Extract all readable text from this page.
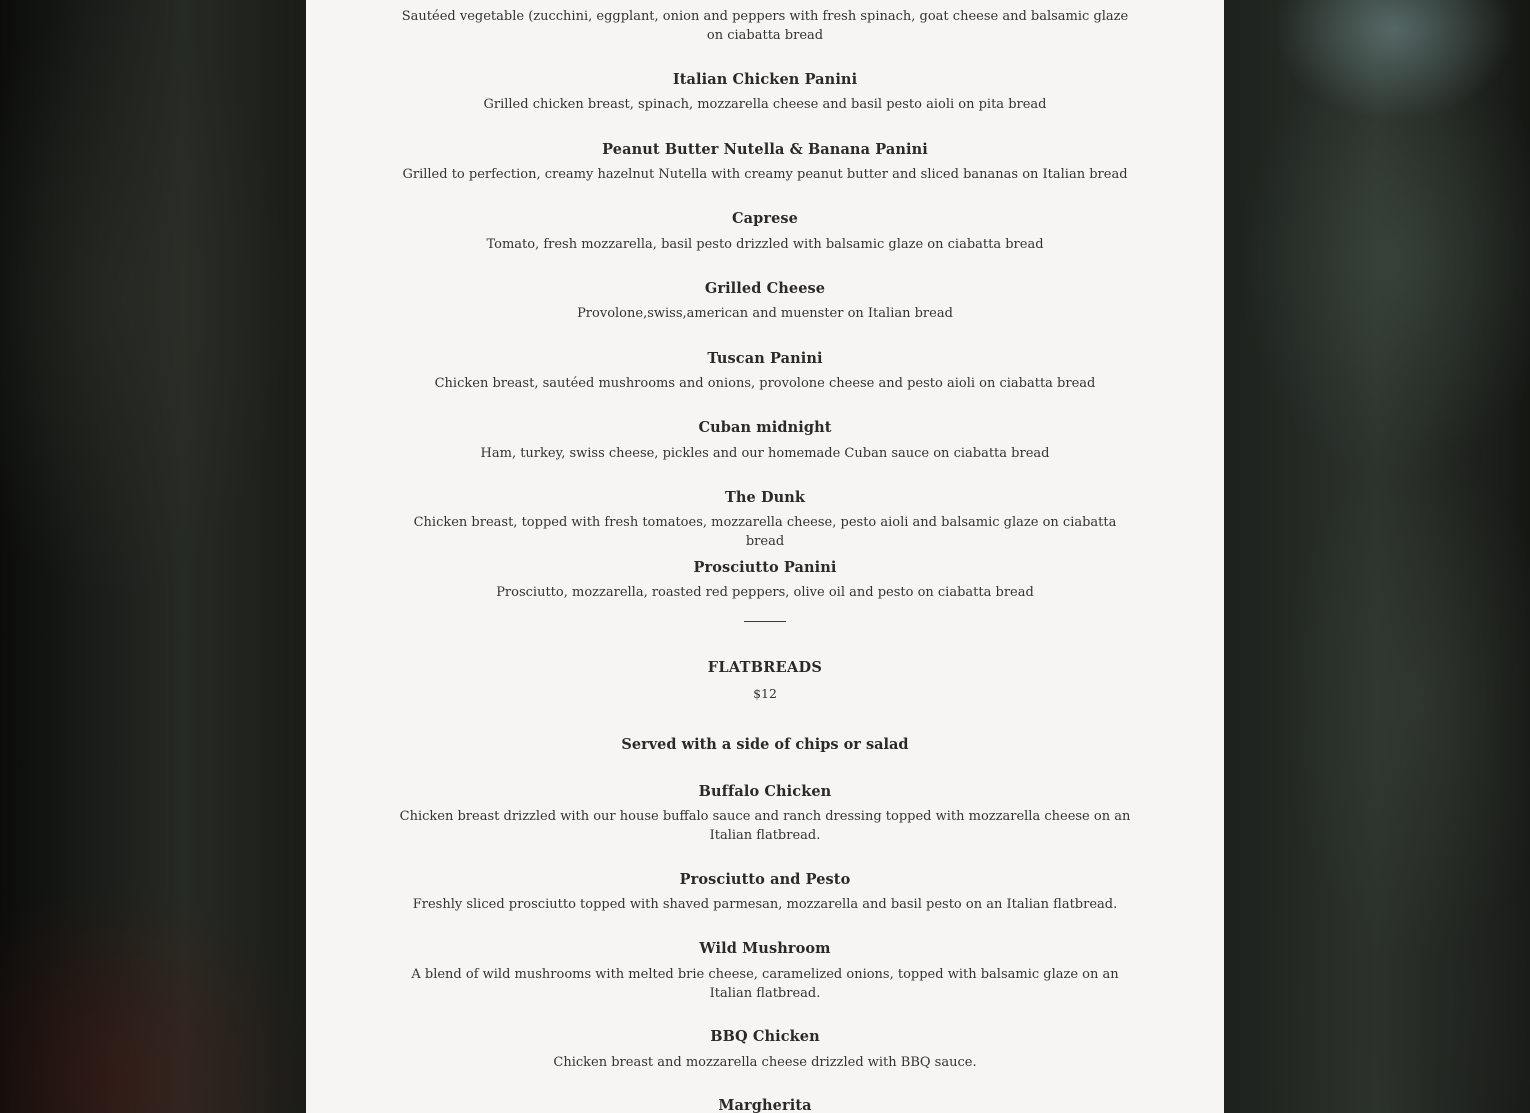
Sautéed vegetable (zucchini, eggplant, onion and peppers with fresh spinach, goat cheese and balsamic glaze on ciabatta bread

Italian Chicken Panini

Grilled chicken breast, spinach, mozzarella cheese and basil pesto aioli on pita bread

Peanut Butter Nutella & Banana Panini

Grilled to perfection, creamy hazelnut Nutella with creamy peanut butter and sliced bananas on Italian bread

Caprese

Tomato, fresh mozzarella, basil pesto drizzled with balsamic glaze on ciabatta bread

Grilled Cheese

Provolone,swiss,american and muenster on Italian bread

Tuscan Panini

Chicken breast, sautéed mushrooms and onions, provolone cheese and pesto aioli on ciabatta bread

Cuban midnight

Ham, turkey, swiss cheese, pickles and our homemade Cuban sauce on ciabatta bread

The Dunk

Chicken breast, topped with fresh tomatoes, mozzarella cheese, pesto aioli and balsamic glaze on ciabatta bread

Prosciutto Panini

Prosciutto, mozzarella, roasted red peppers, olive oil and pesto on ciabatta bread

FLATBREADS

$12

Served with a side of chips or salad

Buffalo Chicken

Chicken breast drizzled with our house buffalo sauce and ranch dressing topped with mozzarella cheese on an Italian flatbread.

Prosciutto and Pesto

Freshly sliced prosciutto topped with shaved parmesan, mozzarella and basil pesto on an Italian flatbread.

Wild Mushroom

A blend of wild mushrooms with melted brie cheese, caramelized onions, topped with balsamic glaze on an Italian flatbread.

BBQ Chicken

Chicken breast and mozzarella cheese drizzled with BBQ sauce.

Margherita
